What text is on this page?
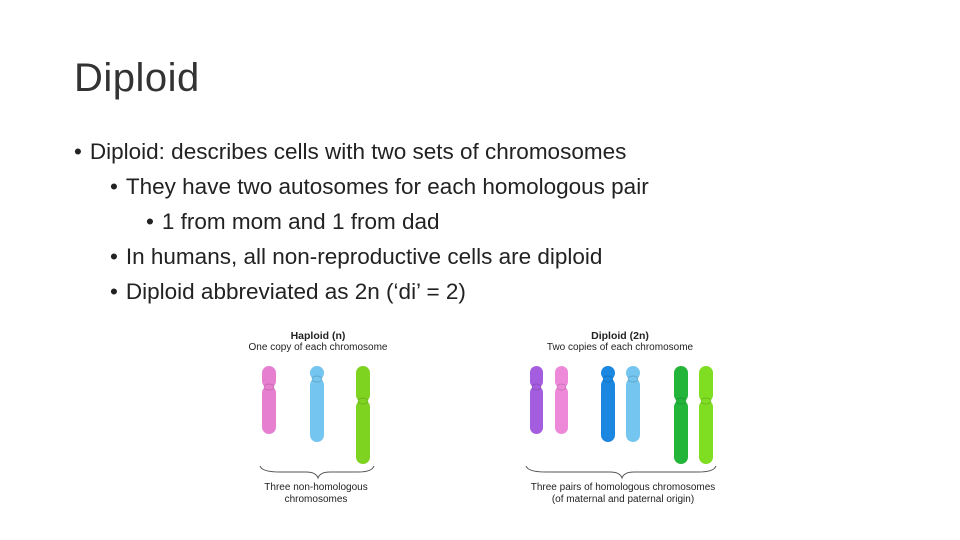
Diploid
• Diploid: describes cells with two sets of chromosomes
• They have two autosomes for each homologous pair
• 1 from mom and 1 from dad
• In humans, all non-reproductive cells are diploid
• Diploid abbreviated as 2n (‘di’ = 2)
Haploid (n)
One copy of each chromosome
Three non-homologous
chromosomes
Diploid (2n)
Two copies of each chromosome
Three pairs of homologous chromosomes
(of maternal and paternal origin)
